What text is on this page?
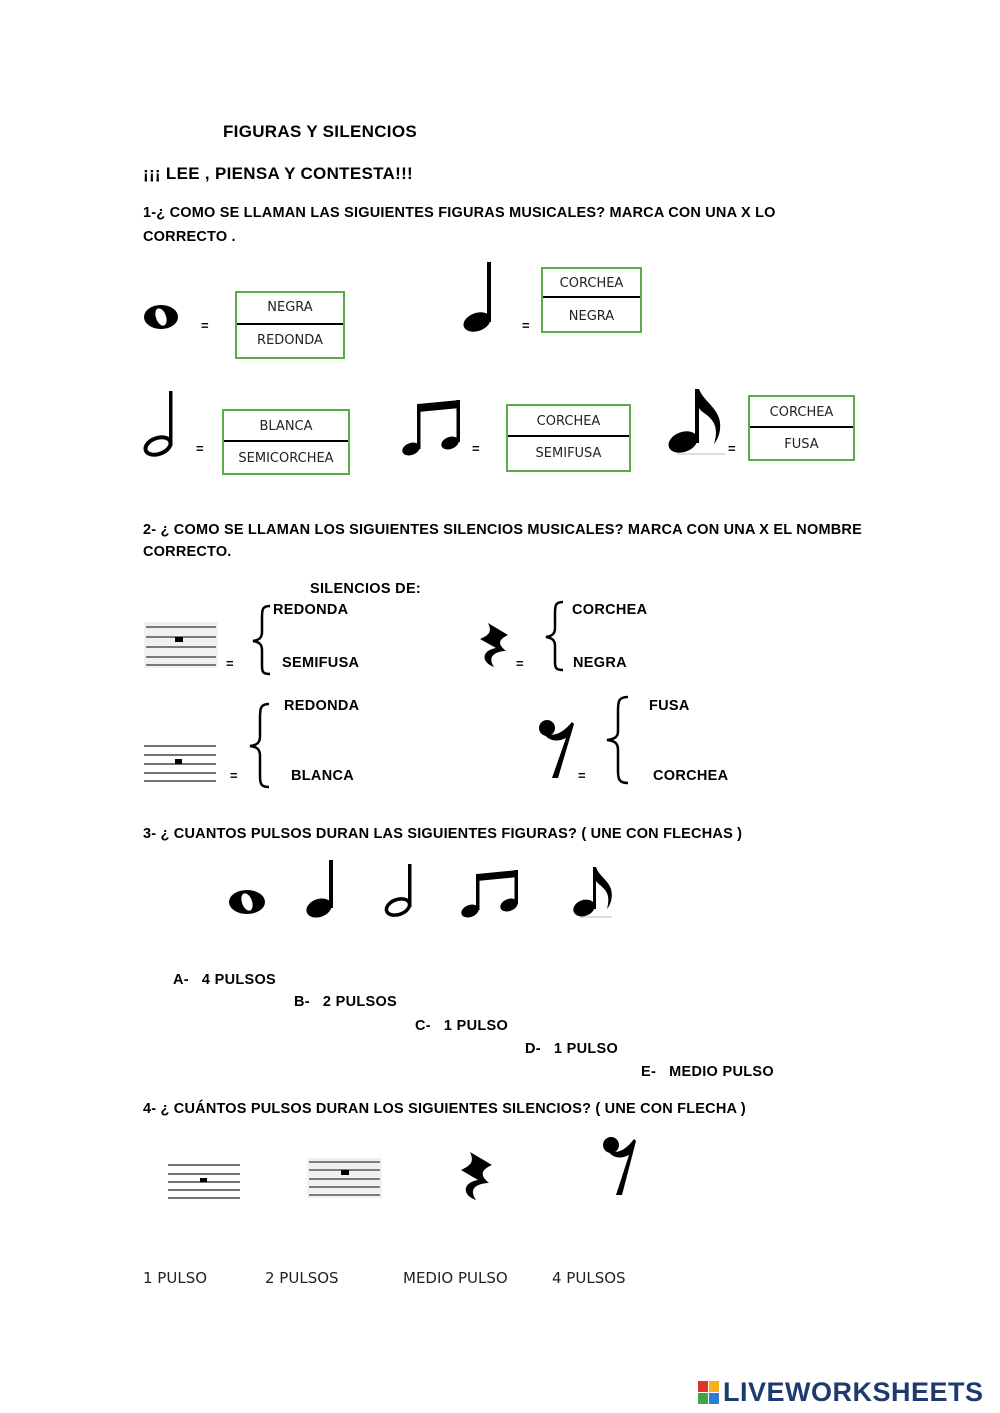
FIGURAS Y SILENCIOS
¡¡¡ LEE , PIENSA Y CONTESTA!!!
1-¿ COMO SE LLAMAN LAS SIGUIENTES FIGURAS MUSICALES? MARCA CON UNA X LO
CORRECTO .
=
NEGRA
REDONDA
=
CORCHEA
NEGRA
=
BLANCA
SEMICORCHEA
=
CORCHEA
SEMIFUSA	=
CORCHEA
FUSA
2- ¿ COMO SE LLAMAN LOS SIGUIENTES SILENCIOS MUSICALES? MARCA CON UNA X EL NOMBRE
CORRECTO.
SILENCIOS DE:
=
REDONDA
SEMIFUSA	=
CORCHEA
NEGRA
=
REDONDA
BLANCA	=
FUSA
CORCHEA
3- ¿ CUANTOS PULSOS DURAN LAS SIGUIENTES FIGURAS? ( UNE CON FLECHAS )
A- 4 PULSOS
B- 2 PULSOS
C- 1 PULSO
D- 1 PULSO
E- MEDIO PULSO
4- ¿ CUÁNTOS PULSOS DURAN LOS SIGUIENTES SILENCIOS? ( UNE CON FLECHA )
1 PULSO	2 PULSOS	MEDIO PULSO	4 PULSOS
LIVEWORKSHEETS
